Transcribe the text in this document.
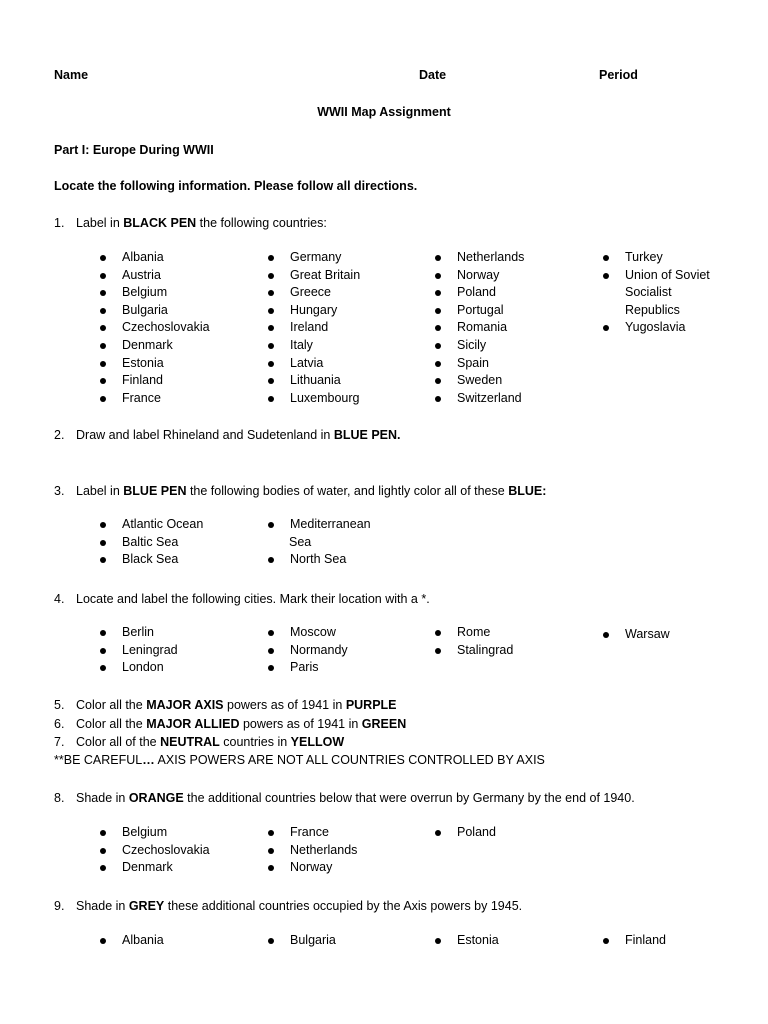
Name	Date	Period
WWII Map Assignment
Part I: Europe During WWII
Locate the following information. Please follow all directions.
1. Label in BLACK PEN the following countries:
Albania
Austria
Belgium
Bulgaria
Czechoslovakia
Denmark
Estonia
Finland
France
Germany
Great Britain
Greece
Hungary
Ireland
Italy
Latvia
Lithuania
Luxembourg
Netherlands
Norway
Poland
Portugal
Romania
Sicily
Spain
Sweden
Switzerland
Turkey
Union of Soviet
Socialist
Republics
Yugoslavia
2. Draw and label Rhineland and Sudetenland in BLUE PEN.
3. Label in BLUE PEN the following bodies of water, and lightly color all of these BLUE:
Atlantic Ocean
Baltic Sea
Black Sea
Mediterranean
Sea
North Sea
4. Locate and label the following cities. Mark their location with a *.
Berlin
Leningrad
London
Moscow
Normandy
Paris
Rome
Stalingrad
Warsaw
5. Color all the MAJOR AXIS powers as of 1941 in PURPLE
6. Color all the MAJOR ALLIED powers as of 1941 in GREEN
7. Color all of the NEUTRAL countries in YELLOW
**BE CAREFUL… AXIS POWERS ARE NOT ALL COUNTRIES CONTROLLED BY AXIS
8. Shade in ORANGE the additional countries below that were overrun by Germany by the end of 1940.
Belgium
Czechoslovakia
Denmark
France
Netherlands
Norway
Poland
9. Shade in GREY these additional countries occupied by the Axis powers by 1945.
Albania	Bulgaria	Estonia	Finland
